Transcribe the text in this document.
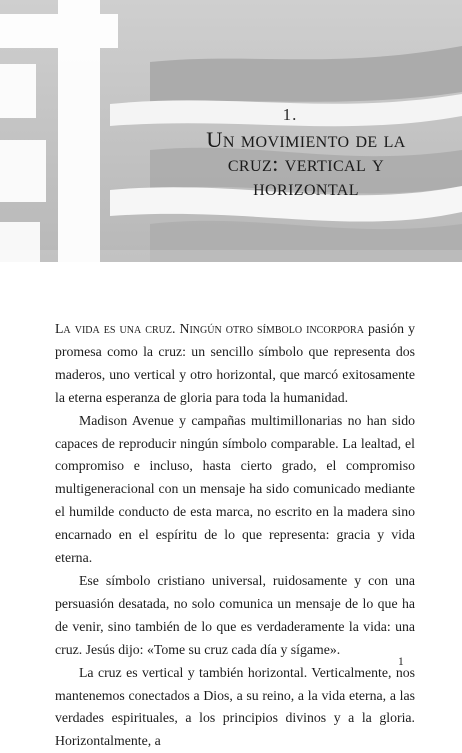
1.
Un movimiento de la
cruz: vertical y
horizontal

La vida es una cruz. Ningún otro símbolo incorpora pasión y promesa como la cruz: un sencillo símbolo que representa dos maderos, uno vertical y otro horizontal, que marcó exitosamente la eterna esperanza de gloria para toda la humanidad.

Madison Avenue y campañas multimillonarias no han sido capaces de reproducir ningún símbolo comparable. La lealtad, el compromiso e incluso, hasta cierto grado, el compromiso multigeneracional con un mensaje ha sido comunicado mediante el humilde conducto de esta marca, no escrito en la madera sino encarnado en el espíritu de lo que representa: gracia y vida eterna.

Ese símbolo cristiano universal, ruidosamente y con una persuasión desatada, no solo comunica un mensaje de lo que ha de venir, sino también de lo que es verdaderamente la vida: una cruz. Jesús dijo: «Tome su cruz cada día y sígame».

La cruz es vertical y también horizontal. Verticalmente, nos mantenemos conectados a Dios, a su reino, a la vida eterna, a las verdades espirituales, a los principios divinos y a la gloria. Horizontalmente, a

1
